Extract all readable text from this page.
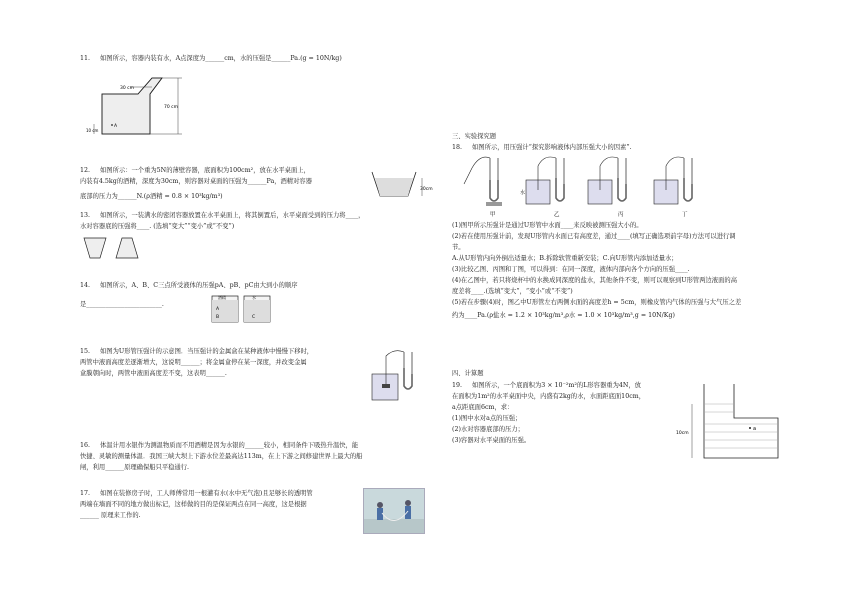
11. 如图所示，容器内装有水，A点深度为______cm，水的压强是______Pa.(g = 10N/kg)

30 cm
70 cm
10 cm
A

12. 如图所示：一个重为5N的薄壁容器，底面积为100cm²，放在水平桌面上，

内装有4.5kg的酒精，深度为30cm，则容器对桌面的压强为______Pa，酒精对容器

底部的压力为______N.(ρ酒精 = 0.8 × 10³kg/m³)

30cm

13. 如图所示，一装满水的密闭容器放置在水平桌面上，将其倒置后，水平桌面受到的压力将____，

水对容器底的压强将____. (选填“变大”“变小”或“不变”)

14. 如图所示，A、B、C三点所受液体的压强pA、pB、pC由大到小的顺序

是________________________.

酒精	水
A
B	C

15. 如图为U形管压强计的示意图．当压强计的金属盒在某种液体中慢慢下移时，

两管中液面高度差逐渐增大，这说明______；将金属盒停在某一深度，并改变金属

盒膜朝向时，两管中液面高度差不变，这表明______.

16. 体温计用水银作为测温物质而不用酒精是因为水银的______较小，相同条件下吸热升温快，能

快捷、灵敏的测量体温．我国三峡大坝上下游水位差最高达113m，在上下游之间修建世界上最大的船

闸，利用______原理确保船只平稳通行.

17. 如图在装修房子时，工人师傅常用一根灌有水(水中无气泡)且足够长的透明管

两端在墙面不同的地方做出标记，这样做的目的是保证两点在同一高度，这是根据

______ 原理来工作的.

三、实验探究题

18. 如图所示，用压强计“探究影响液体内部压强大小的因素”.

水
甲	乙	丙	丁

(1)图甲所示压强计是通过U形管中水面____来反映被测压强大小的。

(2)若在使用压强计前，发现U形管内水面已有高度差，通过____(填写正确选项前字母)方法可以进行调

节。

A.从U形管内向外倒出适量水；B.拆除软管重新安装；C.向U形管内添加适量水；

(3)比较乙图、丙图和丁图，可以得到：在同一深度，液体内部向各个方向的压强____.

(4)在乙图中，若只将烧杯中的水换成同深度的盐水，其他条件不变，则可以观察到U形管两边液面的高

度差将____.(选填“变大”，“变小”或“不变”)

(5)若在步骤(4)时，图乙中U形管左右两侧水面的高度差h = 5cm，则橡皮管内气体的压强与大气压之差

约为____Pa.(ρ盐水 = 1.2 × 10³kg/m³,ρ水 = 1.0 × 10³kg/m³,g = 10N/Kg)

四、计算题

19. 如图所示，一个底面积为3 × 10⁻²m²的L形容器重为4N，放

在面积为1m²的水平桌面中央，内盛有2kg的水，水面距底面10cm，

a点距底面6cm，求：

(1)图中水对a点的压强；

(2)水对容器底部的压力；

(3)容器对水平桌面的压强。

10cm
a
